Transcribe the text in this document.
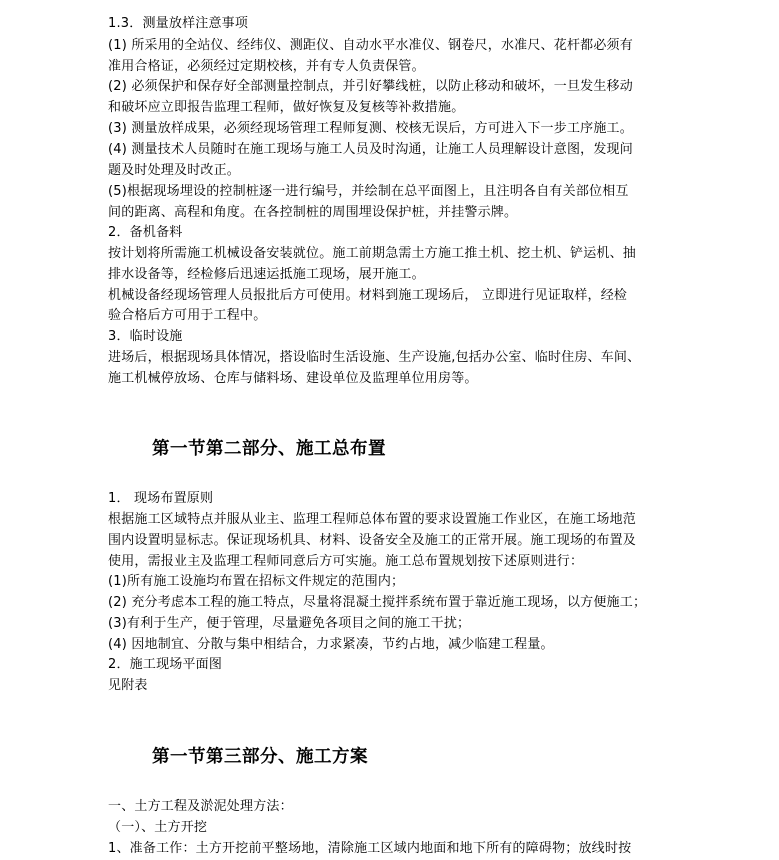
1.3．测量放样注意事项
(1) 所采用的全站仪、经纬仪、测距仪、自动水平水准仪、钢卷尺，水准尺、花杆都必须有
准用合格证，必须经过定期校核，并有专人负责保管。
(2) 必须保护和保存好全部测量控制点，并引好攀线桩，以防止移动和破坏，一旦发生移动
和破坏应立即报告监理工程师，做好恢复及复核等补救措施。
(3) 测量放样成果，必须经现场管理工程师复测、校核无误后，方可进入下一步工序施工。
(4) 测量技术人员随时在施工现场与施工人员及时沟通，让施工人员理解设计意图，发现问
题及时处理及时改正。
(5)根据现场埋设的控制桩逐一进行编号，并绘制在总平面图上，且注明各自有关部位相互
间的距离、高程和角度。在各控制桩的周围埋设保护桩，并挂警示牌。
2．备机备料
按计划将所需施工机械设备安装就位。施工前期急需土方施工推土机、挖土机、铲运机、抽
排水设备等，经检修后迅速运抵施工现场，展开施工。
机械设备经现场管理人员报批后方可使用。材料到施工现场后， 立即进行见证取样，经检
验合格后方可用于工程中。
3．临时设施
进场后，根据现场具体情况，搭设临时生活设施、生产设施,包括办公室、临时住房、车间、
施工机械停放场、仓库与储料场、建设单位及监理单位用房等。
第一节第二部分、施工总布置
1． 现场布置原则
根据施工区域特点并服从业主、监理工程师总体布置的要求设置施工作业区，在施工场地范
围内设置明显标志。保证现场机具、材料、设备安全及施工的正常开展。施工现场的布置及
使用，需报业主及监理工程师同意后方可实施。施工总布置规划按下述原则进行：
(1)所有施工设施均布置在招标文件规定的范围内；
(2) 充分考虑本工程的施工特点，尽量将混凝土搅拌系统布置于靠近施工现场，以方便施工；
(3)有利于生产，便于管理，尽量避免各项目之间的施工干扰；
(4) 因地制宜、分散与集中相结合，力求紧凑，节约占地，减少临建工程量。
2．施工现场平面图
见附表
第一节第三部分、施工方案
一、土方工程及淤泥处理方法：
（一）、土方开挖
1、准备工作：土方开挖前平整场地，清除施工区域内地面和地下所有的障碍物；放线时按
